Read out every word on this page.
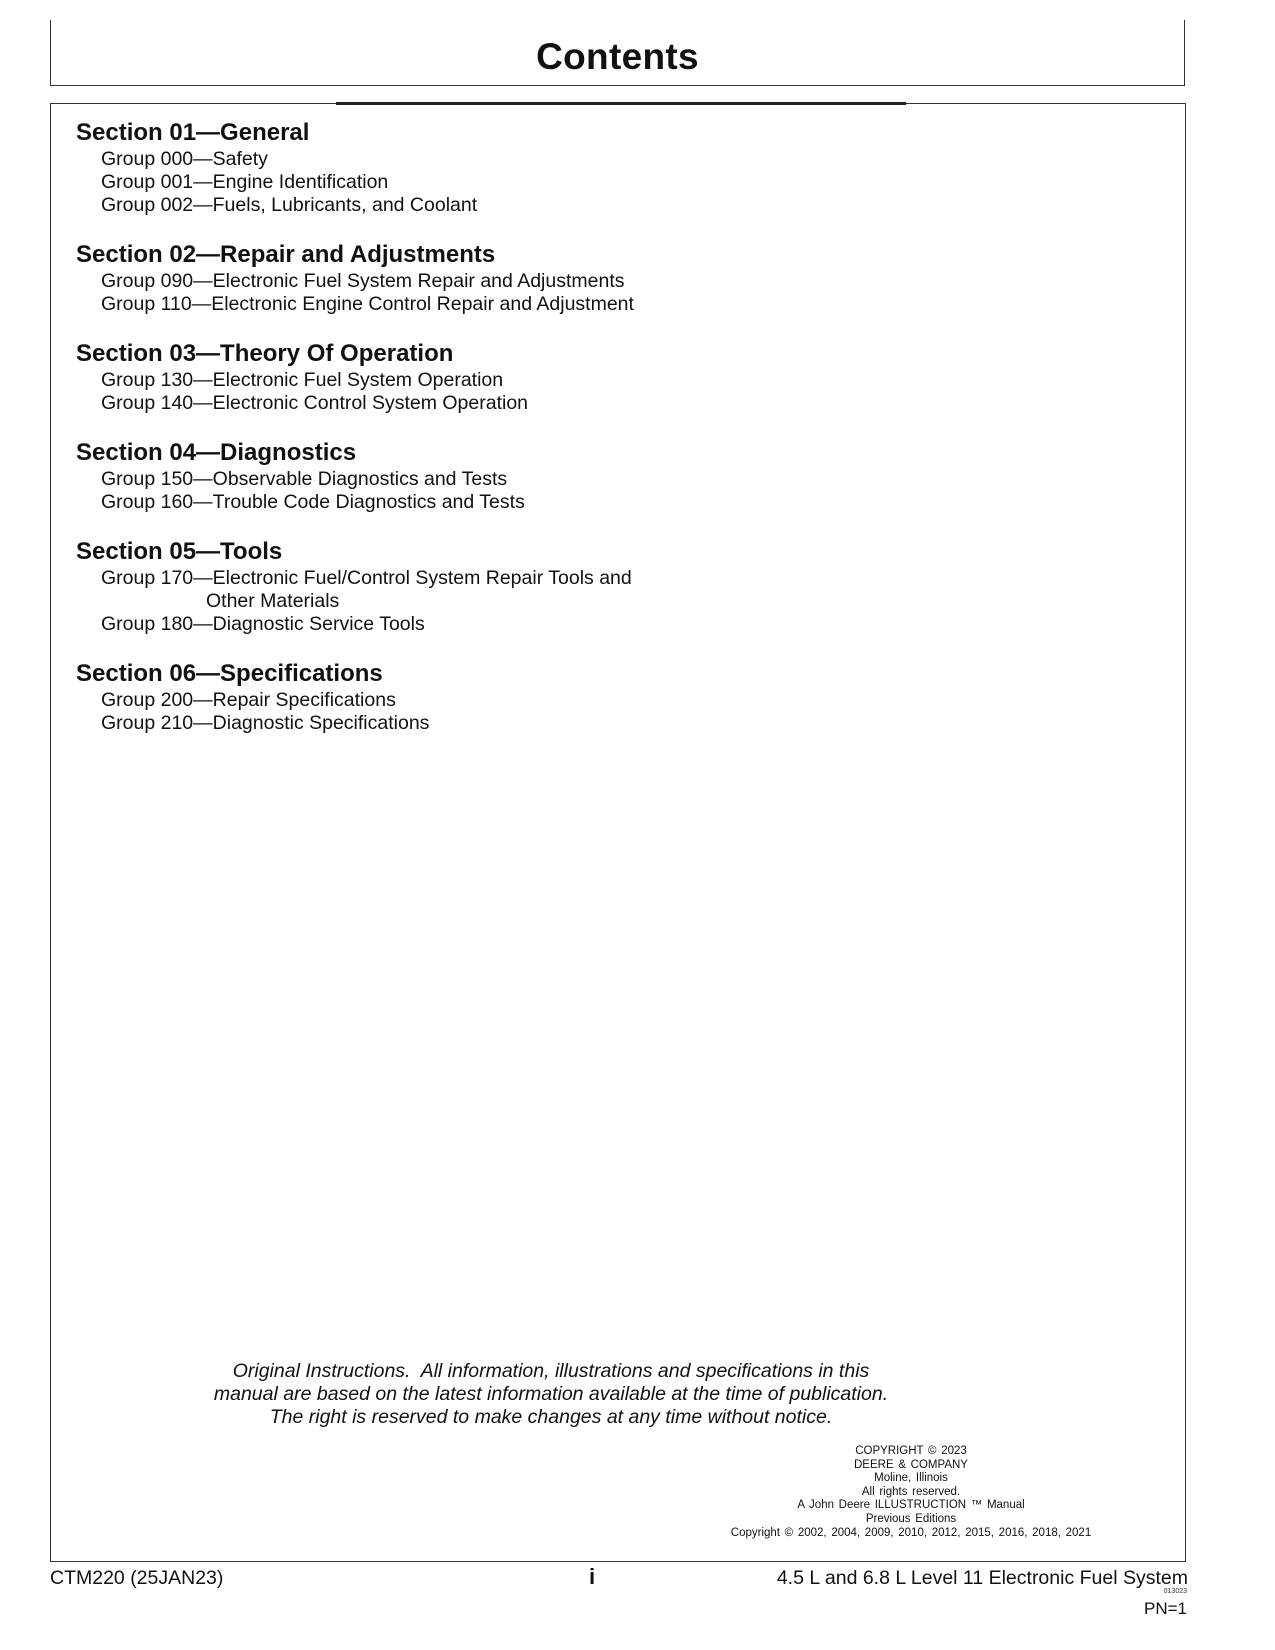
Contents
Section 01—General
Group 000—Safety
Group 001—Engine Identification
Group 002—Fuels, Lubricants, and Coolant
Section 02—Repair and Adjustments
Group 090—Electronic Fuel System Repair and Adjustments
Group 110—Electronic Engine Control Repair and Adjustment
Section 03—Theory Of Operation
Group 130—Electronic Fuel System Operation
Group 140—Electronic Control System Operation
Section 04—Diagnostics
Group 150—Observable Diagnostics and Tests
Group 160—Trouble Code Diagnostics and Tests
Section 05—Tools
Group 170—Electronic Fuel/Control System Repair Tools and Other Materials
Group 180—Diagnostic Service Tools
Section 06—Specifications
Group 200—Repair Specifications
Group 210—Diagnostic Specifications
Original Instructions.  All information, illustrations and specifications in this
manual are based on the latest information available at the time of publication.
The right is reserved to make changes at any time without notice.
COPYRIGHT © 2023
DEERE & COMPANY
Moline, Illinois
All rights reserved.
A John Deere ILLUSTRUCTION ™ Manual
Previous Editions
Copyright © 2002, 2004, 2009, 2010, 2012, 2015, 2016, 2018, 2021
CTM220 (25JAN23)	i	4.5 L and 6.8 L Level 11 Electronic Fuel System
013023
PN=1
